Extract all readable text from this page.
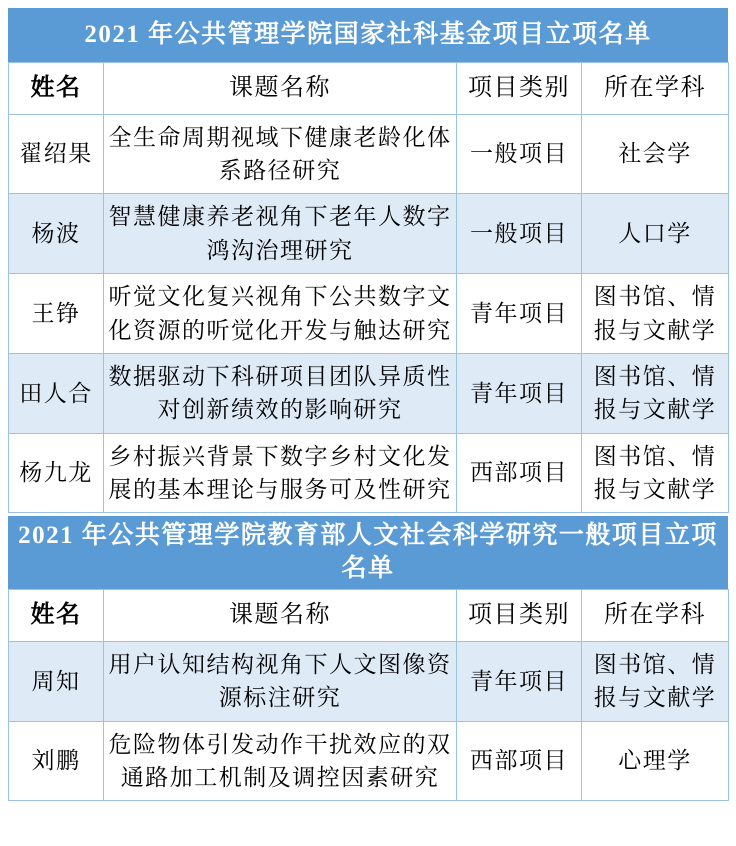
2021 年公共管理学院国家社科基金项目立项名单
姓名	课题名称	项目类别	所在学科
翟绍果	全生命周期视域下健康老龄化体系路径研究	一般项目	社会学
杨波	智慧健康养老视角下老年人数字鸿沟治理研究	一般项目	人口学
王铮	听觉文化复兴视角下公共数字文化资源的听觉化开发与触达研究	青年项目	图书馆、情报与文献学
田人合	数据驱动下科研项目团队异质性对创新绩效的影响研究	青年项目	图书馆、情报与文献学
杨九龙	乡村振兴背景下数字乡村文化发展的基本理论与服务可及性研究	西部项目	图书馆、情报与文献学
2021 年公共管理学院教育部人文社会科学研究一般项目立项名单
姓名	课题名称	项目类别	所在学科
周知	用户认知结构视角下人文图像资源标注研究	青年项目	图书馆、情报与文献学
刘鹏	危险物体引发动作干扰效应的双通路加工机制及调控因素研究	西部项目	心理学
